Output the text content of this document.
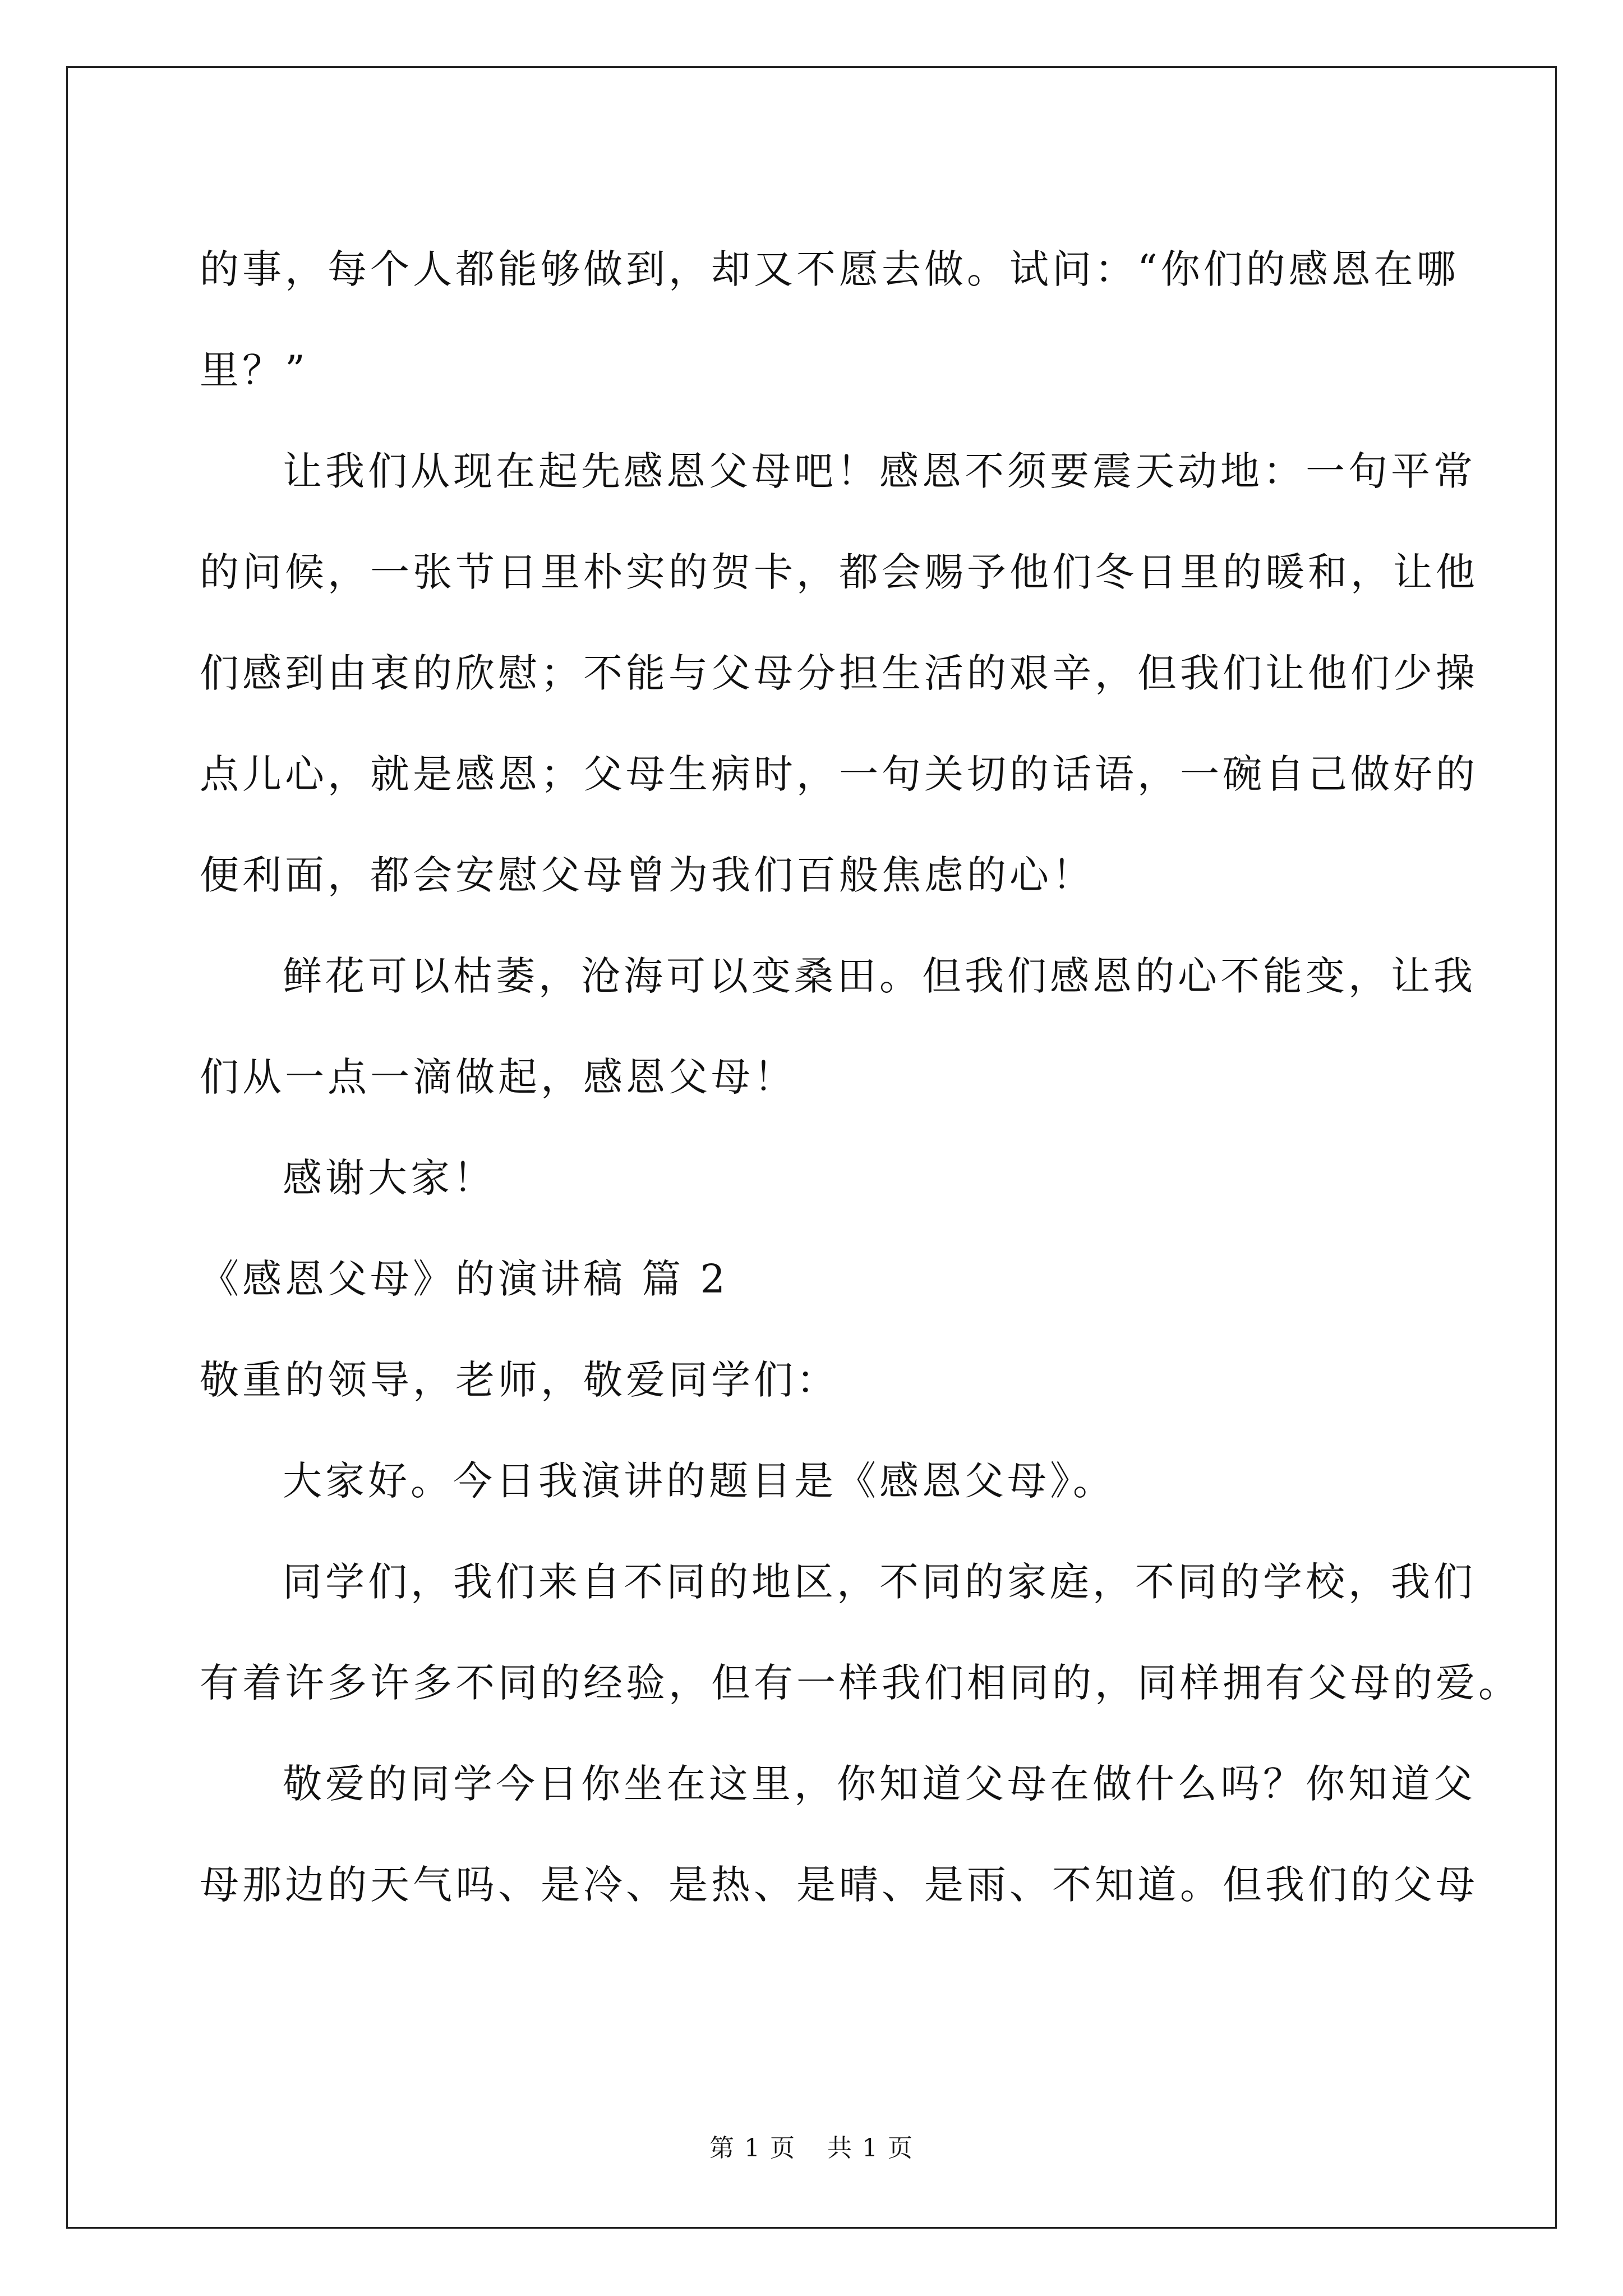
的事，每个人都能够做到，却又不愿去做。试问：“你们的感恩在哪
里？”
让我们从现在起先感恩父母吧！感恩不须要震天动地：一句平常
的问候，一张节日里朴实的贺卡，都会赐予他们冬日里的暖和，让他
们感到由衷的欣慰；不能与父母分担生活的艰辛，但我们让他们少操
点儿心，就是感恩；父母生病时，一句关切的话语，一碗自己做好的
便利面，都会安慰父母曾为我们百般焦虑的心！
鲜花可以枯萎，沧海可以变桑田。但我们感恩的心不能变，让我
们从一点一滴做起，感恩父母！
感谢大家！
《感恩父母》的演讲稿 篇 2
敬重的领导，老师，敬爱同学们：
大家好。今日我演讲的题目是《感恩父母》。
同学们，我们来自不同的地区，不同的家庭，不同的学校，我们
有着许多许多不同的经验，但有一样我们相同的，同样拥有父母的爱。
敬爱的同学今日你坐在这里，你知道父母在做什么吗？你知道父
母那边的天气吗、是冷、是热、是晴、是雨、不知道。但我们的父母
第 1 页 共 1 页
